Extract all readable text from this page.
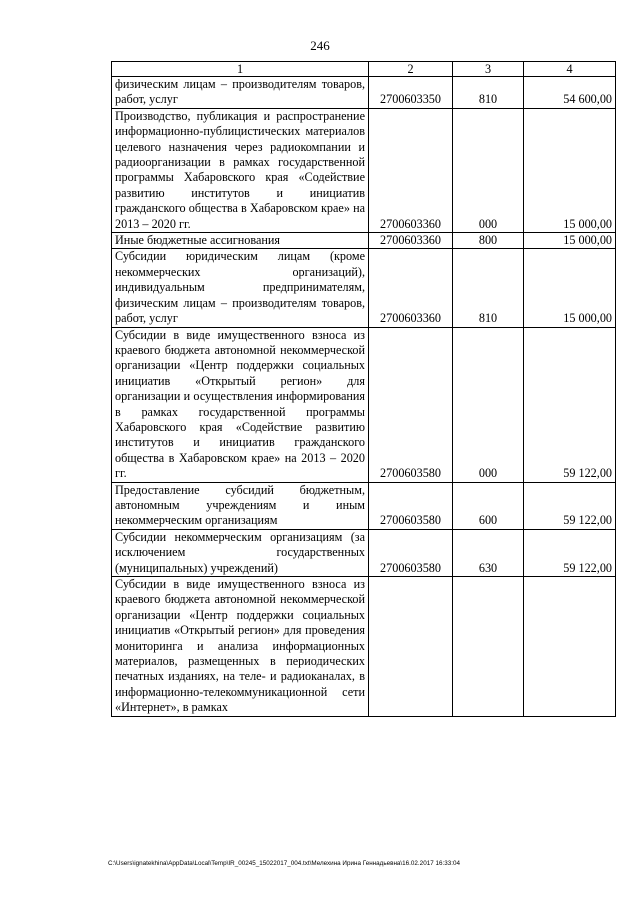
246
1	2	3	4
физическим лицам – производителям товаров, работ, услуг	2700603350	810	54 600,00
Производство, публикация и распространение информационно-публицистических материалов целевого назначения через радиокомпании и радиоорганизации в рамках государственной программы Хабаровского края «Содействие развитию институтов и инициатив гражданского общества в Хабаровском крае» на 2013 – 2020 гг.	2700603360	000	15 000,00
Иные бюджетные ассигнования	2700603360	800	15 000,00
Субсидии юридическим лицам (кроме некоммерческих организаций), индивидуальным предпринимателям, физическим лицам – производителям товаров, работ, услуг	2700603360	810	15 000,00
Субсидии в виде имущественного взноса из краевого бюджета автономной некоммерческой организации «Центр поддержки социальных инициатив «Открытый регион» для организации и осуществления информирования в рамках государственной программы Хабаровского края «Содействие развитию институтов и инициатив гражданского общества в Хабаровском крае» на 2013 – 2020 гг.	2700603580	000	59 122,00
Предоставление субсидий бюджетным, автономным учреждениям и иным некоммерческим организациям	2700603580	600	59 122,00
Субсидии некоммерческим организациям (за исключением государственных (муниципальных) учреждений)	2700603580	630	59 122,00
Субсидии в виде имущественного взноса из краевого бюджета автономной некоммерческой организации «Центр поддержки социальных инициатив «Открытый регион» для проведения мониторинга и анализа информационных материалов, размещенных в периодических печатных изданиях, на теле- и радиоканалах, в информационно-телекоммуникационной сети «Интернет», в рамках			
C:\Users\ignatekhina\AppData\Local\Temp\IR_00245_15022017_004.txt\Мелехина Ирина Геннадьевна\16.02.2017 16:33:04
